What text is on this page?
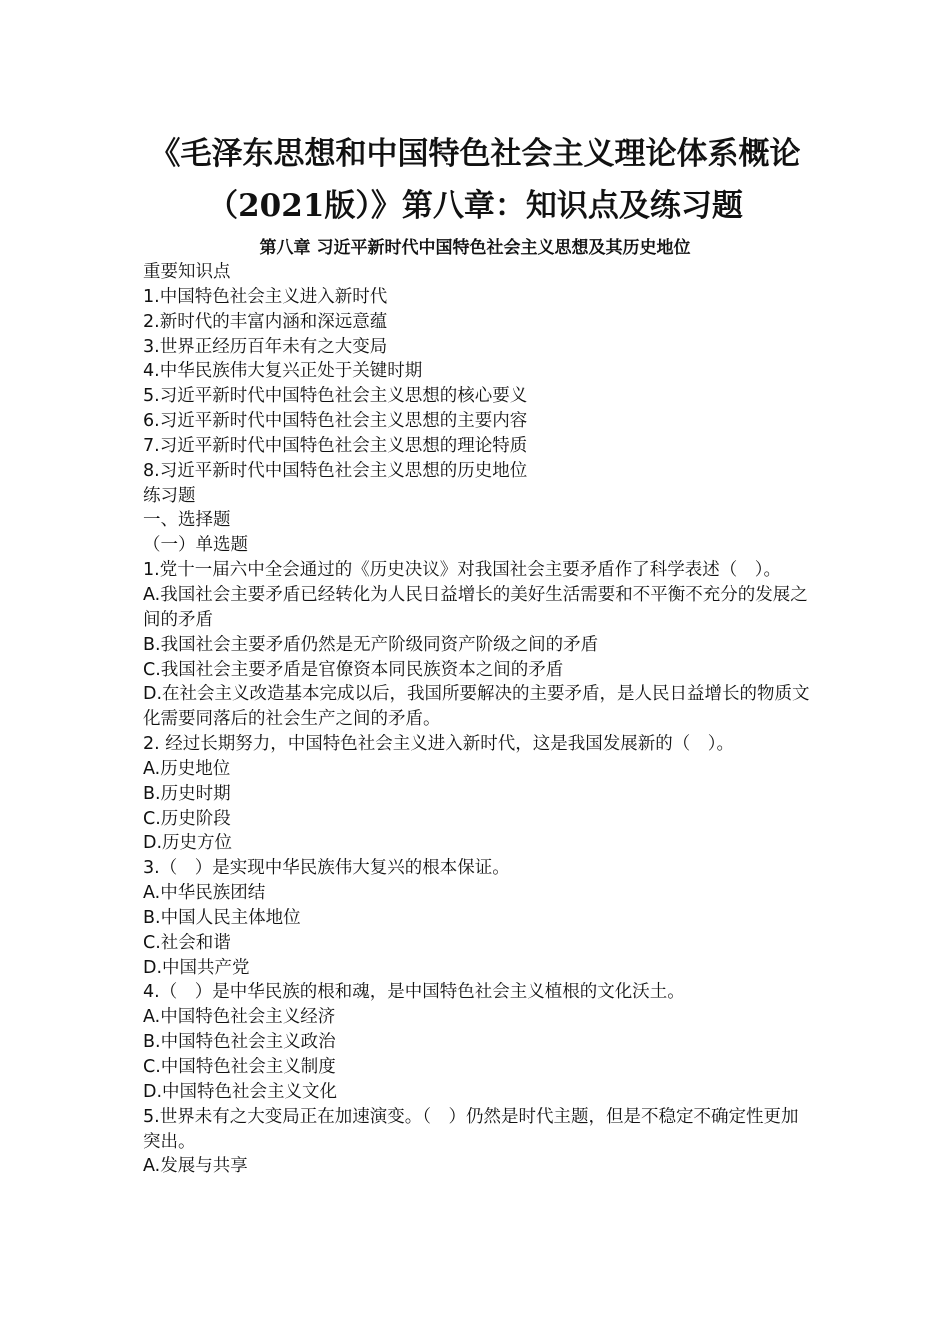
《毛泽东思想和中国特色社会主义理论体系概论（2021版）》第八章：知识点及练习题
第八章 习近平新时代中国特色社会主义思想及其历史地位
重要知识点
1.中国特色社会主义进入新时代
2.新时代的丰富内涵和深远意蕴
3.世界正经历百年未有之大变局
4.中华民族伟大复兴正处于关键时期
5.习近平新时代中国特色社会主义思想的核心要义
6.习近平新时代中国特色社会主义思想的主要内容
7.习近平新时代中国特色社会主义思想的理论特质
8.习近平新时代中国特色社会主义思想的历史地位
练习题
一、选择题
（一）单选题
1.党十一届六中全会通过的《历史决议》对我国社会主要矛盾作了科学表述（　）。
A.我国社会主要矛盾已经转化为人民日益增长的美好生活需要和不平衡不充分的发展之间的矛盾
B.我国社会主要矛盾仍然是无产阶级同资产阶级之间的矛盾
C.我国社会主要矛盾是官僚资本同民族资本之间的矛盾
D.在社会主义改造基本完成以后，我国所要解决的主要矛盾，是人民日益增长的物质文化需要同落后的社会生产之间的矛盾。
2. 经过长期努力，中国特色社会主义进入新时代，这是我国发展新的（　）。
A.历史地位
B.历史时期
C.历史阶段
D.历史方位
3.（　）是实现中华民族伟大复兴的根本保证。
A.中华民族团结
B.中国人民主体地位
C.社会和谐
D.中国共产党
4.（　）是中华民族的根和魂，是中国特色社会主义植根的文化沃土。
A.中国特色社会主义经济
B.中国特色社会主义政治
C.中国特色社会主义制度
D.中国特色社会主义文化
5.世界未有之大变局正在加速演变。（　）仍然是时代主题，但是不稳定不确定性更加突出。
A.发展与共享
